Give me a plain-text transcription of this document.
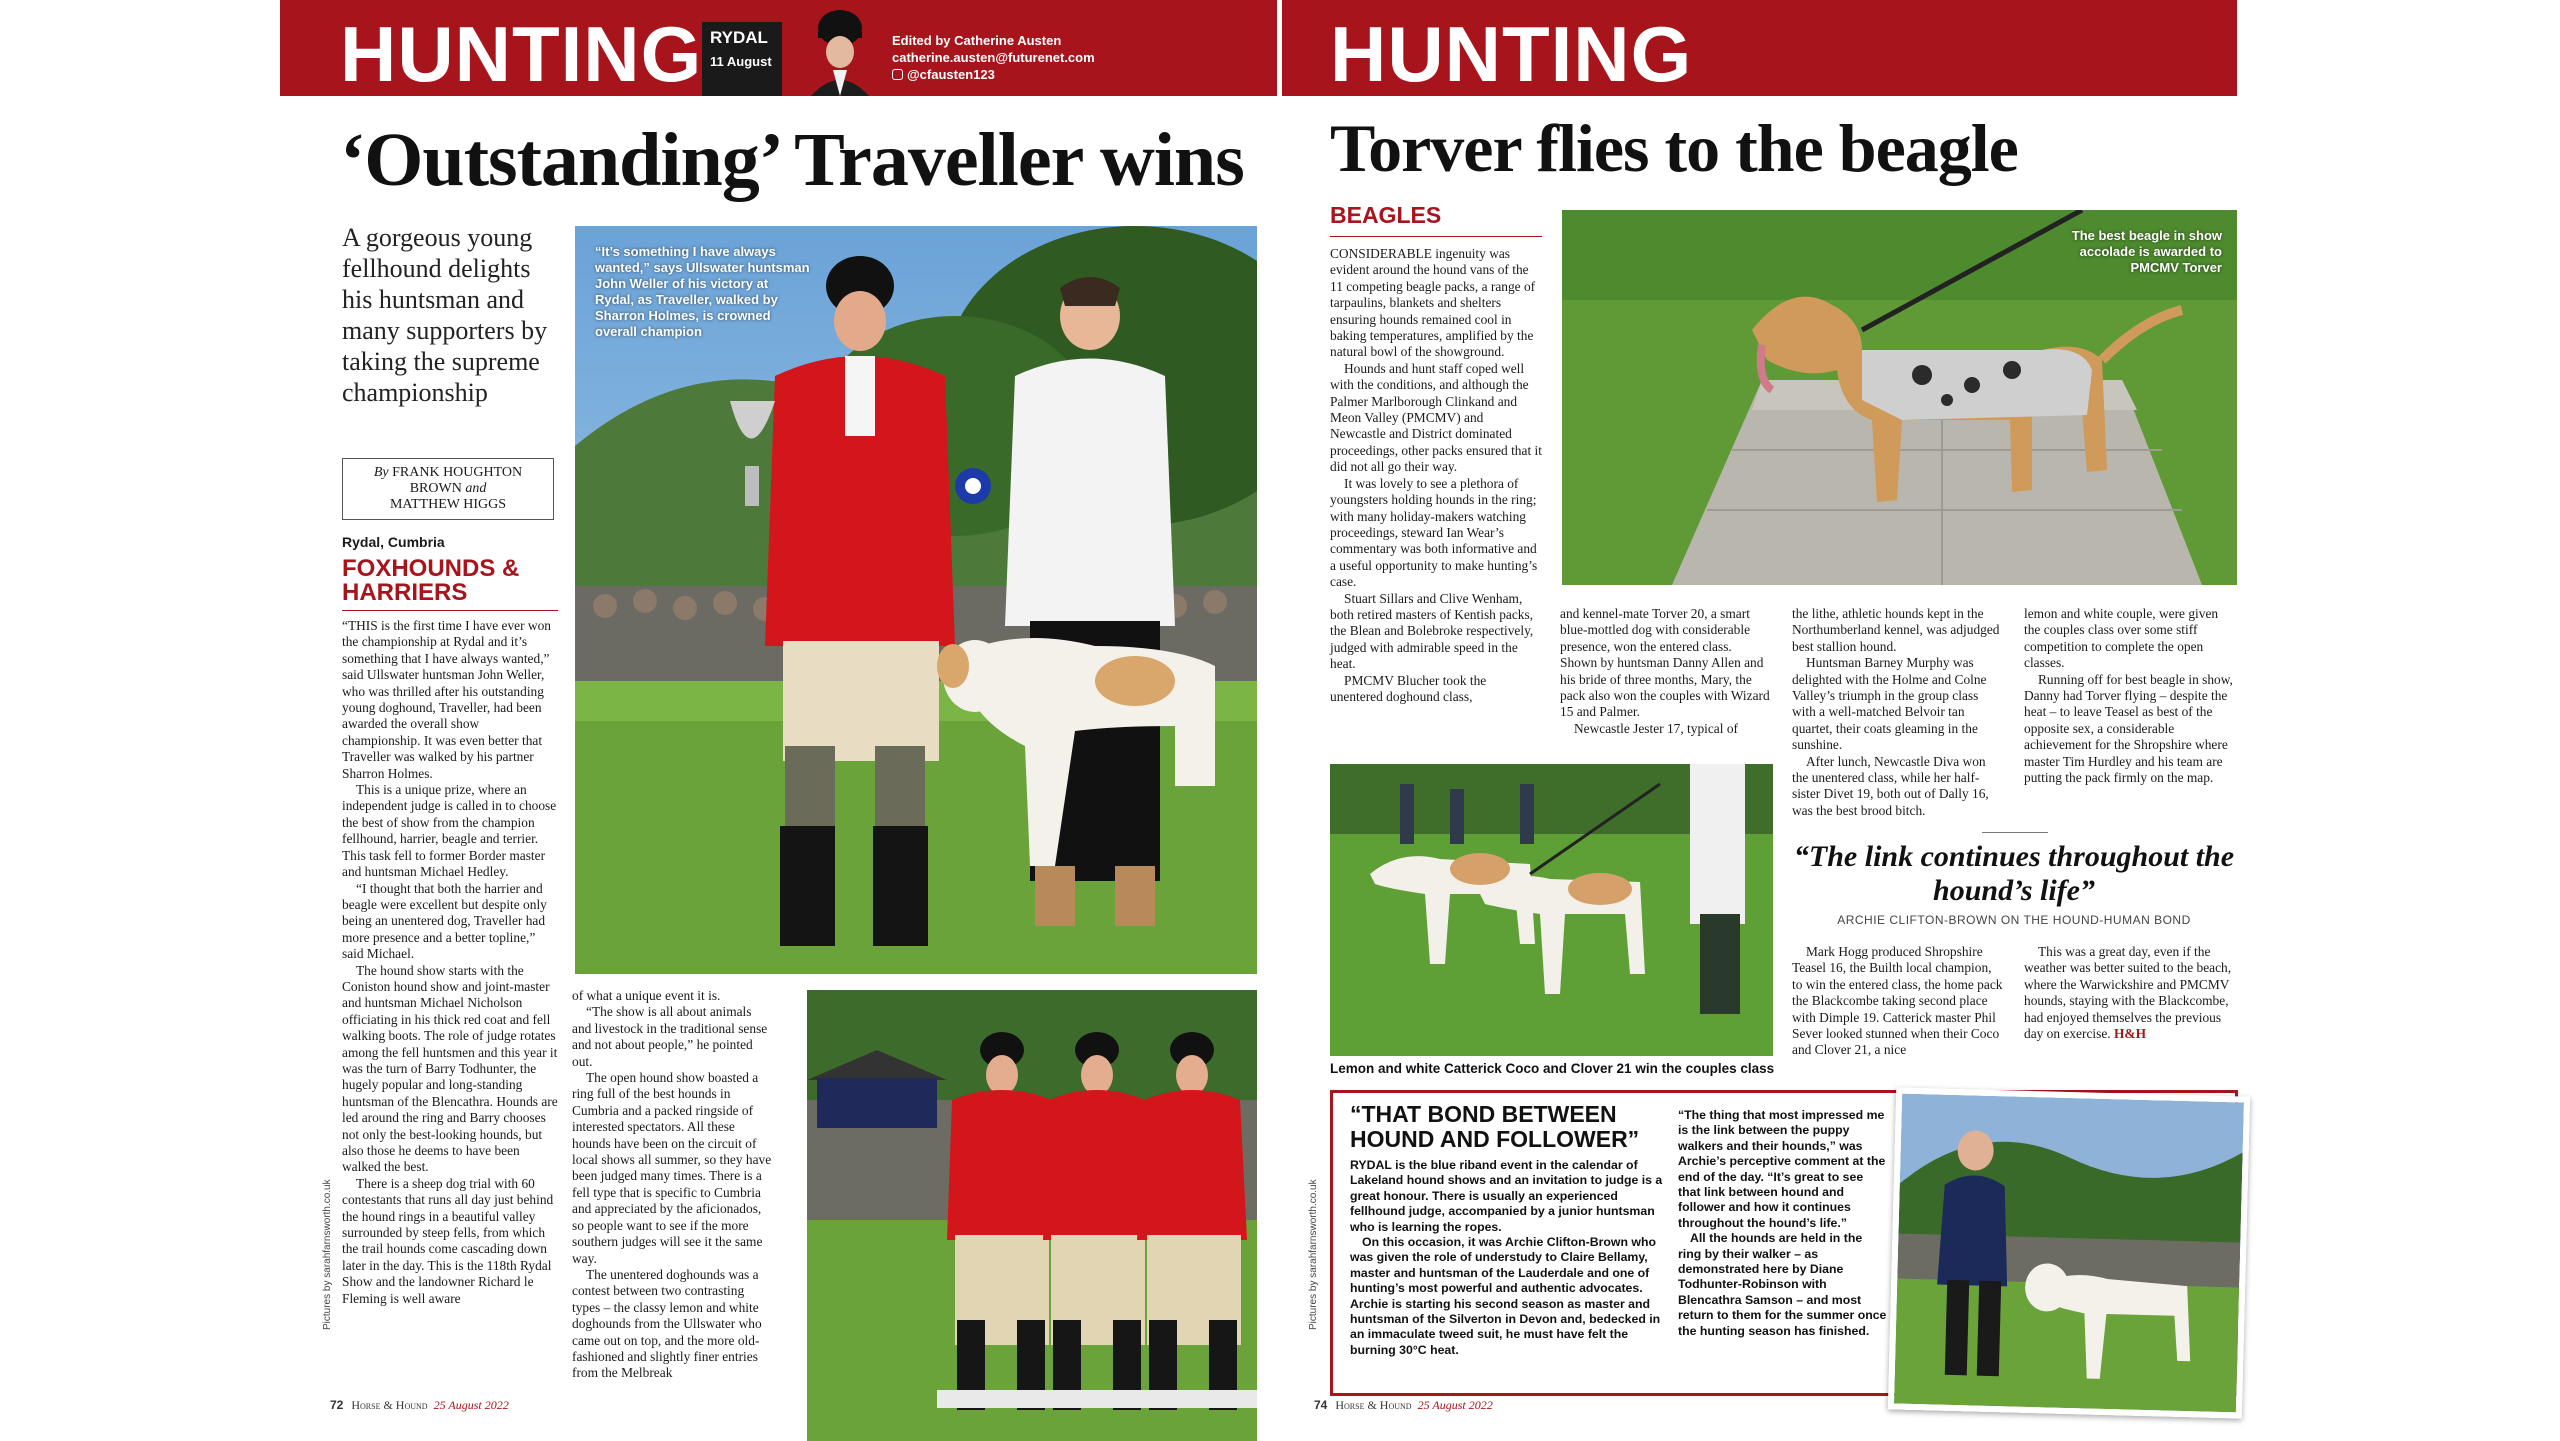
HUNTING RYDAL
11 August
Edited by Catherine Austen
catherine.austen@futurenet.com
@cfausten123
‘Outstanding’ Traveller wins
A gorgeous young fellhound delights his huntsman and many supporters by taking the supreme championship
By FRANK HOUGHTON BROWN and
MATTHEW HIGGS
Rydal, Cumbria
FOXHOUNDS & HARRIERS

“THIS is the first time I have ever won the championship at Rydal and it’s something that I have always wanted,” said Ullswater huntsman John Weller, who was thrilled after his outstanding young doghound, Traveller, had been awarded the overall show championship. It was even better that Traveller was walked by his partner Sharron Holmes.

This is a unique prize, where an independent judge is called in to choose the best of show from the champion fellhound, harrier, beagle and terrier. This task fell to former Border master and huntsman Michael Hedley.

“I thought that both the harrier and beagle were excellent but despite only being an unentered dog, Traveller had more presence and a better topline,” said Michael.

The hound show starts with the Coniston hound show and joint-master and huntsman Michael Nicholson officiating in his thick red coat and fell walking boots. The role of judge rotates among the fell huntsmen and this year it was the turn of Barry Todhunter, the hugely popular and long-standing huntsman of the Blencathra. Hounds are led around the ring and Barry chooses not only the best-looking hounds, but also those he deems to have been walked the best.

There is a sheep dog trial with 60 contestants that runs all day just behind the hound rings in a beautiful valley surrounded by steep fells, from which the trail hounds come cascading down later in the day. This is the 118th Rydal Show and the landowner Richard le Fleming is well aware

of what a unique event it is.

“The show is all about animals and livestock in the traditional sense and not about people,” he pointed out.

The open hound show boasted a ring full of the best hounds in Cumbria and a packed ringside of interested spectators. All these hounds have been on the circuit of local shows all summer, so they have been judged many times. There is a fell type that is specific to Cumbria and appreciated by the aficionados, so people want to see if the more southern judges will see it the same way.

The unentered doghounds was a contest between two contrasting types – the classy lemon and white doghounds from the Ullswater who came out on top, and the more old-fashioned and slightly finer entries from the Melbreak

“It’s something I have always wanted,” says Ullswater huntsman John Weller of his victory at Rydal, as Traveller, walked by Sharron Holmes, is crowned overall champion
Pictures by sarahfarnsworth.co.uk
72 Horse & Hound 25 August 2022
HUNTING
Torver flies to the beagle
BEAGLES

CONSIDERABLE ingenuity was evident around the hound vans of the 11 competing beagle packs, a range of tarpaulins, blankets and shelters ensuring hounds remained cool in baking temperatures, amplified by the natural bowl of the showground.

Hounds and hunt staff coped well with the conditions, and although the Palmer Marlborough Clinkand and Meon Valley (PMCMV) and Newcastle and District dominated proceedings, other packs ensured that it did not all go their way.

It was lovely to see a plethora of youngsters holding hounds in the ring; with many holiday-makers watching proceedings, steward Ian Wear’s commentary was both informative and a useful opportunity to make hunting’s case.

Stuart Sillars and Clive Wenham, both retired masters of Kentish packs, the Blean and Bolebroke respectively, judged with admirable speed in the heat.

PMCMV Blucher took the unentered doghound class,

The best beagle in show accolade is awarded to PMCMV Torver

and kennel-mate Torver 20, a smart blue-mottled dog with considerable presence, won the entered class. Shown by huntsman Danny Allen and his bride of three months, Mary, the pack also won the couples with Wizard 15 and Palmer.

Newcastle Jester 17, typical of

the lithe, athletic hounds kept in the Northumberland kennel, was adjudged best stallion hound.

Huntsman Barney Murphy was delighted with the Holme and Colne Valley’s triumph in the group class with a well-matched Belvoir tan quartet, their coats gleaming in the sunshine.

After lunch, Newcastle Diva won the unentered class, while her half-sister Divet 19, both out of Dally 16, was the best brood bitch.

lemon and white couple, were given the couples class over some stiff competition to complete the open classes.

Running off for best beagle in show, Danny had Torver flying – despite the heat – to leave Teasel as best of the opposite sex, a considerable achievement for the Shropshire where master Tim Hurdley and his team are putting the pack firmly on the map.

Lemon and white Catterick Coco and Clover 21 win the couples class
“The link continues throughout the hound’s life”
ARCHIE CLIFTON-BROWN ON THE HOUND-HUMAN BOND

Mark Hogg produced Shropshire Teasel 16, the Builth local champion, to win the entered class, the home pack the Blackcombe taking second place with Dimple 19. Catterick master Phil Sever looked stunned when their Coco and Clover 21, a nice

This was a great day, even if the weather was better suited to the beach, where the Warwickshire and PMCMV hounds, staying with the Blackcombe, had enjoyed themselves the previous day on exercise. H&H

“THAT BOND BETWEEN HOUND AND FOLLOWER”

RYDAL is the blue riband event in the calendar of Lakeland hound shows and an invitation to judge is a great honour. There is usually an experienced fellhound judge, accompanied by a junior huntsman who is learning the ropes.

On this occasion, it was Archie Clifton-Brown who was given the role of understudy to Claire Bellamy, master and huntsman of the Lauderdale and one of hunting’s most powerful and authentic advocates. Archie is starting his second season as master and huntsman of the Silverton in Devon and, bedecked in an immaculate tweed suit, he must have felt the burning 30°C heat.

“The thing that most impressed me is the link between the puppy walkers and their hounds,” was Archie’s perceptive comment at the end of the day. “It’s great to see that link between hound and follower and how it continues throughout the hound’s life.”

All the hounds are held in the ring by their walker – as demonstrated here by Diane Todhunter-Robinson with Blencathra Samson – and most return to them for the summer once the hunting season has finished.

Pictures by sarahfarnsworth.co.uk
74 Horse & Hound 25 August 2022
